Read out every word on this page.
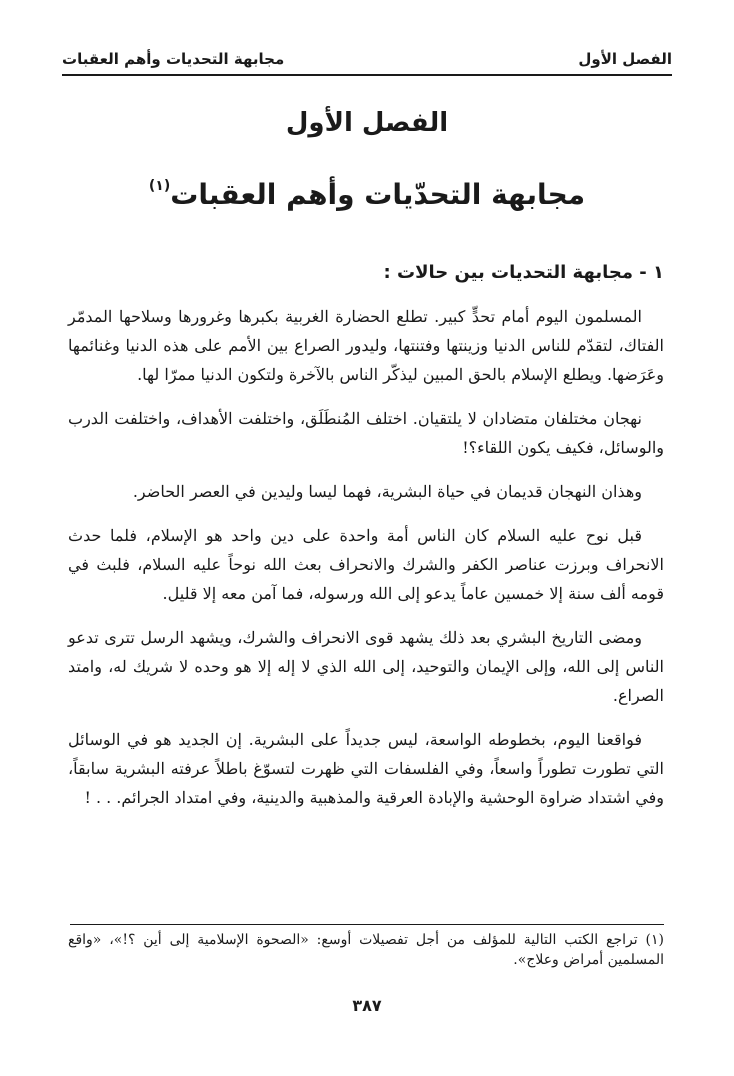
الفصل الأول
مجابهة التحديات وأهم العقبات
الفصل الأول
مجابهة التحدّيات وأهم العقبات$^{(١)}$
١ - مجابهة التحديات بين حالات :

المسلمون اليوم أمام تحدٍّ كبير. تطلع الحضارة الغربية بكبرها وغرورها وسلاحها المدمّر الفتاك، لتقدّم للناس الدنيا وزينتها وفتنتها، وليدور الصراع بين الأمم على هذه الدنيا وغنائمها وعَرَضها. ويطلع الإسلام بالحق المبين ليذكّر الناس بالآخرة ولتكون الدنيا ممرّا لها.

نهجان مختلفان متضادان لا يلتقيان. اختلف المُنطَلَق، واختلفت الأهداف، واختلفت الدرب والوسائل، فكيف يكون اللقاء؟!

وهذان النهجان قديمان في حياة البشرية، فهما ليسا وليدين في العصر الحاضر.

قبل نوح عليه السلام كان الناس أمة واحدة على دين واحد هو الإسلام، فلما حدث الانحراف وبرزت عناصر الكفر والشرك والانحراف بعث الله نوحاً عليه السلام، فلبث في قومه ألف سنة إلا خمسين عاماً يدعو إلى الله ورسوله، فما آمن معه إلا قليل.

ومضى التاريخ البشري بعد ذلك يشهد قوى الانحراف والشرك، ويشهد الرسل تترى تدعو الناس إلى الله، وإلى الإيمان والتوحيد، إلى الله الذي لا إله إلا هو وحده لا شريك له، وامتد الصراع.

فواقعنا اليوم، بخطوطه الواسعة، ليس جديداً على البشرية. إن الجديد هو في الوسائل التي تطورت تطوراً واسعاً، وفي الفلسفات التي ظهرت لتسوّغ باطلاً عرفته البشرية سابقاً، وفي اشتداد ضراوة الوحشية والإبادة العرقية والمذهبية والدينية، وفي امتداد الجرائم. . . !

(١) تراجع الكتب التالية للمؤلف من أجل تفصيلات أوسع: «الصحوة الإسلامية إلى أين ؟!»، «واقع المسلمين أمراض وعلاج».
٣٨٧
